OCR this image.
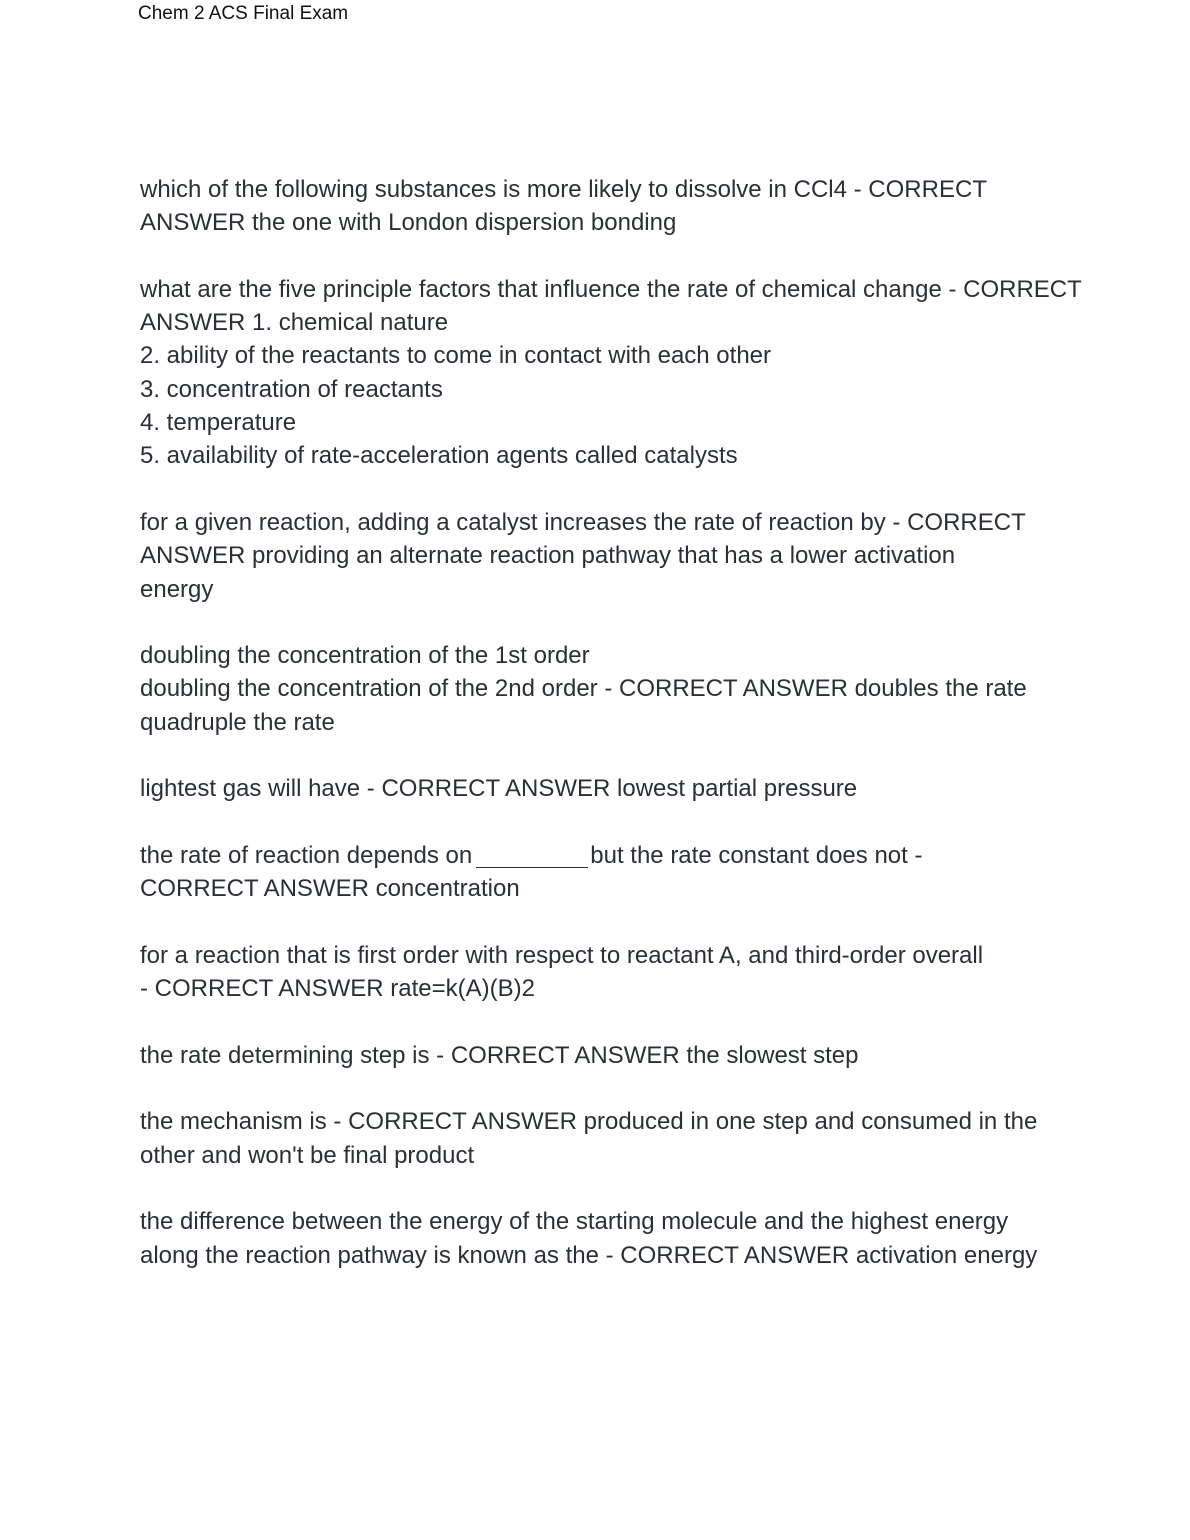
Chem 2 ACS Final Exam
which of the following substances is more likely to dissolve in CCl4 - CORRECT
ANSWER the one with London dispersion bonding
what are the five principle factors that influence the rate of chemical change - CORRECT
ANSWER 1. chemical nature
2. ability of the reactants to come in contact with each other
3. concentration of reactants
4. temperature
5. availability of rate-acceleration agents called catalysts
for a given reaction, adding a catalyst increases the rate of reaction by - CORRECT
ANSWER providing an alternate reaction pathway that has a lower activation
energy
doubling the concentration of the 1st order
doubling the concentration of the 2nd order - CORRECT ANSWER doubles the rate
quadruple the rate
lightest gas will have - CORRECT ANSWER lowest partial pressure
the rate of reaction depends on	but the rate constant does not -
CORRECT ANSWER concentration
for a reaction that is first order with respect to reactant A, and third-order overall
- CORRECT ANSWER rate=k(A)(B)2
the rate determining step is - CORRECT ANSWER the slowest step
the mechanism is - CORRECT ANSWER produced in one step and consumed in the
other and won't be final product
the difference between the energy of the starting molecule and the highest energy
along the reaction pathway is known as the - CORRECT ANSWER activation energy
